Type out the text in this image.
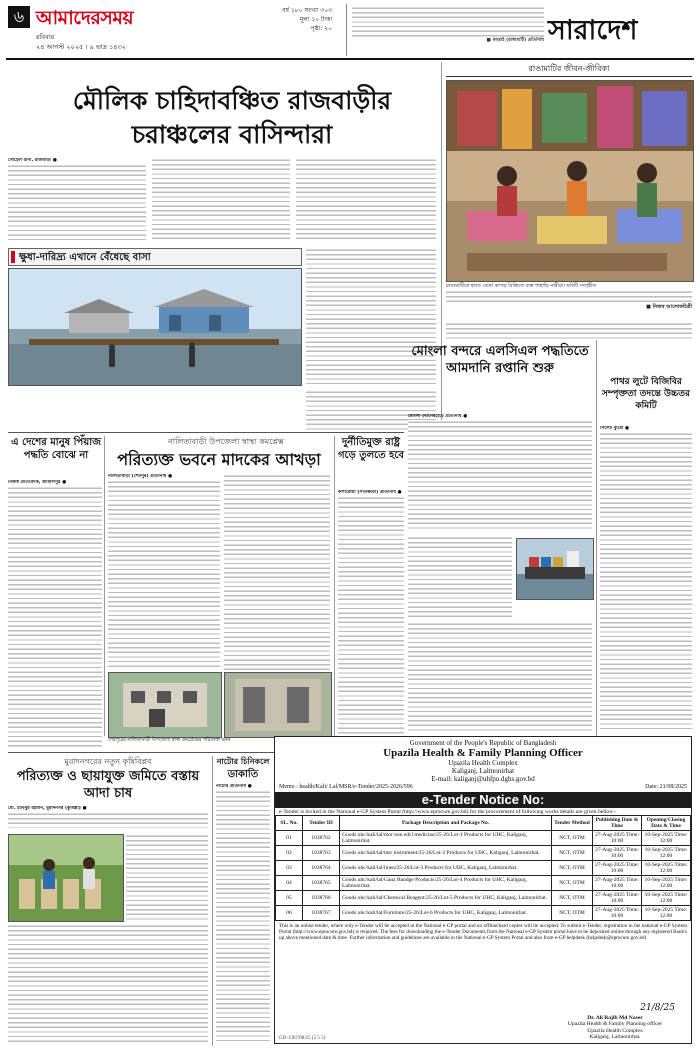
৬ আমাদেরসময়
রবিবার
২৪ আগস্ট ২০২৫ । ৯ ভাদ্র ১৪৩২
বর্ষ ১৮০ সংখ্যা ৩০৩
মূল্য ১০ টাকা
পৃষ্ঠা: ২০
■ কাপ্তাই (রাঙ্গামাটি) প্রতিনিধি সারাদেশ
মৌলিক চাহিদাবঞ্চিত রাজবাড়ীর চরাঞ্চলের বাসিন্দারা
সোহেল রানা, রাজবাড়ী ●
ক্ষুধা-দারিদ্র্য এখানে বেঁধেছে বাসা
রাঙামাটির জীবন-জীবিকা
রাঙামাটিতে হাতে বোনা কাপড় বিক্রিতে ব্যস্ত পাহাড়ি নারীরা। ছবিটি সংগৃহীত
■ নিজস্ব আলোকচিত্রী
মোংলা বন্দরে এলসিএল পদ্ধতিতে আমদানি রপ্তানি শুরু
মোংলা (বাগেরহাট) প্রতিনিধি ●
পাথর লুটে বিজিবির সম্পৃক্ততা তদন্তে উচ্চতর কমিটি
সিলেট ব্যুরো ●
নালিতাবাড়ী উপজেলা স্বাস্থ্য কমপ্লেক্স
পরিত্যক্ত ভবনে মাদকের আখড়া
নালিতাবাড়ী (শেরপুর) প্রতিনিধি ●
দুর্নীতিমুক্ত রাষ্ট্র গড়ে তুলতে হবে
কলারোয়া (সাতক্ষীরা) প্রতিনিধি ●
শেরপুরের নালিতাবাড়ী উপজেলা স্বাস্থ্য কমপ্লেক্সের পরিত্যক্ত ভবন
এ দেশের মানুষ পিঁয়াজ পদ্ধতি বোঝে না
নিজস্ব প্রতিবেদক, জামালপুর ●
মুরাদনগরের নতুন কৃষিবিপ্লব
পরিত্যক্ত ও ছায়াযুক্ত জমিতে বস্তায় আদা চাষ
মো. হাবিবুর রহমান, মুরাদনগর (কুমিল্লা) ●
নাটোর চিনিকলে
ডাকাতি
নাটোর প্রতিনিধি ●
Government of the People's Republic of Bangladesh
Upazila Health & Family Planning Officer
Upazila Health Complex
Kaliganj, Lalmonirhat
E-mail: kaliganj@uhfpo.dghs.gov.bd
Memo : health/Kali/ Lal/MSR/e-Tender/2025-2026/596	Date: 21/08/2025
e-Tender Notice No:
e-Tender is invited in the National e-GP System Portal (http://www.eprocure.gov.bd) for the procurement of following works details are given bellow:-
SL. No.	Tender ID	Package Description and Package No.	Tender Method	Publishing Date & Time	Opening/Closing Date & Time
01	1038762	Goods uhc/kali/lal/mor non edcl medicine/25-26/Lot-1 Products for UHC, Kaliganj, Lalmonirhat.	NCT, OTM	27-Aug-2025 Time: 10:00	10-Sep-2025 Time: 12:00
02	1038763	Goods uhc/kali/lal/msr instrument/25-26/Lot-2 Products for UHC, Kaliganj, Lalmonirhat.	NCT, OTM	27-Aug-2025 Time: 10:00	10-Sep-2025 Time: 12:00
03	1038764	Goods uhc/kali/lal/linen/25-26/Lot-3 Products for UHC, Kaliganj, Lalmonirhat.	NCT, OTM	27-Aug-2025 Time: 10:00	10-Sep-2025 Time: 12:00
04	1038765	Goods uhc/kali/lal/Gauz Bandge Products/25-26/Lot-4 Products for UHC, Kaliganj, Lalmonirhat.	NCT, OTM	27-Aug-2025 Time: 10:00	10-Sep-2025 Time: 12:00
05	1038766	Goods uhc/kali/lal/Chemical Reagent/25-26/Lot-5 Products for UHC, Kaliganj, Lalmonirhat.	NCT, OTM	27-Aug-2025 Time: 10:00	10-Sep-2025 Time: 12:00
06	1038767	Goods uhc/kali/lal/Furniture/25-26/Lot-6 Products for UHC, Kaliganj, Lalmonirhat.	NCT, OTM	27-Aug-2025 Time: 10:00	10-Sep-2025 Time: 12:00
This is an online tender, where only e-Tender will be accepted in the National e-GP portal and no offline/hard copies will be accepted. To submit e-Tender, registration in the national e-GP System Portal (http://www.eprocure.gov.bd) is required. The fees for downloading the e-Tender Documents from the National e-GP System portal have to be deposited online through any registered Bank's up above mentioned date & time. Further information and guidelines are available in the National e-GP System Portal and also from e-GP helpdesk (helpdesk@eprocure.gov.bd)
21/8/25
Dr. Ali Rajib Md Naser
Upazila Health & Family Planning officer
Upazila Health Complex
Kaliganj, Lalmonirhat.
GD-1367/08/25 (5 5 5)
